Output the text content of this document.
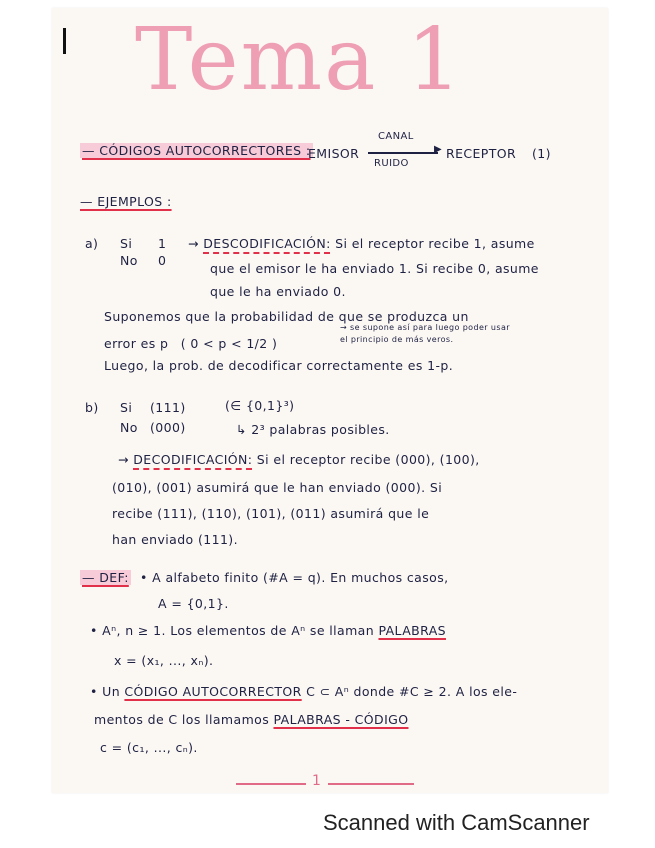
Tema 1
— CÓDIGOS AUTOCORRECTORES :
EMISOR
CANAL
▶
RUIDO
RECEPTOR (1)
— EJEMPLOS :
a) Si 1
No 0
→ DESCODIFICACIÓN: Si el receptor recibe 1, asume
que el emisor le ha enviado 1. Si recibe 0, asume
que le ha enviado 0.
Suponemos que la probabilidad de que se produzca un
error es p ( 0 < p < 1/2 )
→ se supone así para luego poder usar
el principio de más veros.
Luego, la prob. de decodificar correctamente es 1-p.
b) Si (111)	(∈ {0,1}³)
No (000)	↳ 2³ palabras posibles.
→ DECODIFICACIÓN: Si el receptor recibe (000), (100),
(010), (001) asumirá que le han enviado (000). Si
recibe (111), (110), (101), (011) asumirá que le
han enviado (111).
— DEF: • A alfabeto finito (#A = q). En muchos casos,
A = {0,1}.
• Aⁿ, n ≥ 1. Los elementos de Aⁿ se llaman PALABRAS
x = (x₁, ..., xₙ).
• Un CÓDIGO AUTOCORRECTOR C ⊂ Aⁿ donde #C ≥ 2. A los ele-
mentos de C los llamamos PALABRAS - CÓDIGO
c = (c₁, ..., cₙ).
1
Scanned with CamScanner
